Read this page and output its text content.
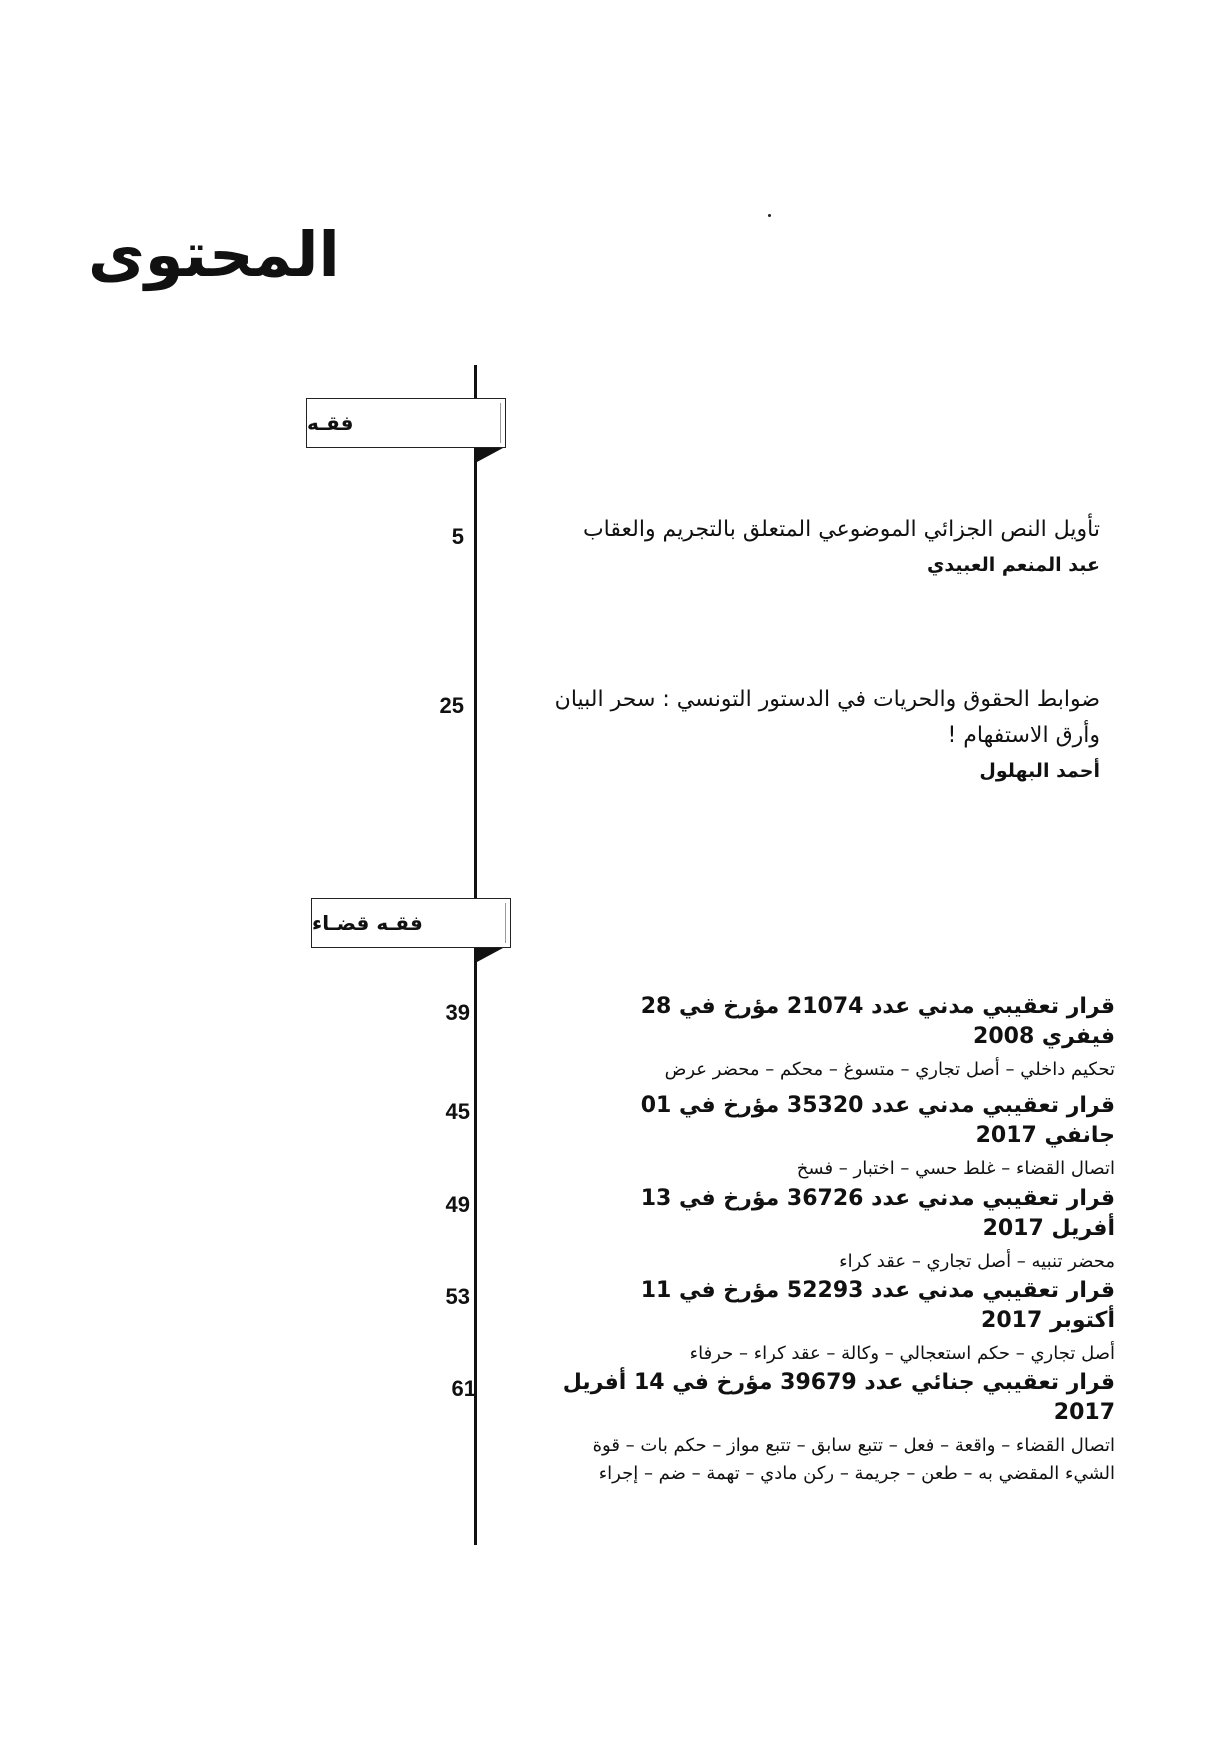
المحتوى
فقـه
5	تأويل النص الجزائي الموضوعي المتعلق بالتجريم والعقاب
عبد المنعم العبيدي
25	ضوابط الحقوق والحريات في الدستور التونسي : سحر البيان وأرق الاستفهام !
أحمد البهلول
فقـه قضـاء
39	قرار تعقيبي مدني عدد 21074 مؤرخ في 28 فيفري 2008
تحكيم داخلي – أصل تجاري – متسوغ – محكم – محضر عرض
45	قرار تعقيبي مدني عدد 35320 مؤرخ في 01 جانفي 2017
اتصال القضاء – غلط حسي – اختبار – فسخ
49	قرار تعقيبي مدني عدد 36726 مؤرخ في 13 أفريل 2017
محضر تنبيه – أصل تجاري – عقد كراء
53	قرار تعقيبي مدني عدد 52293 مؤرخ في 11 أكتوبر 2017
أصل تجاري – حكم استعجالي – وكالة – عقد كراء – حرفاء
61	قرار تعقيبي جنائي عدد 39679 مؤرخ في 14 أفريل 2017
اتصال القضاء – واقعة – فعل – تتبع سابق – تتبع مواز – حكم بات – قوة الشيء المقضي به – طعن – جريمة – ركن مادي – تهمة – ضم – إجراء
